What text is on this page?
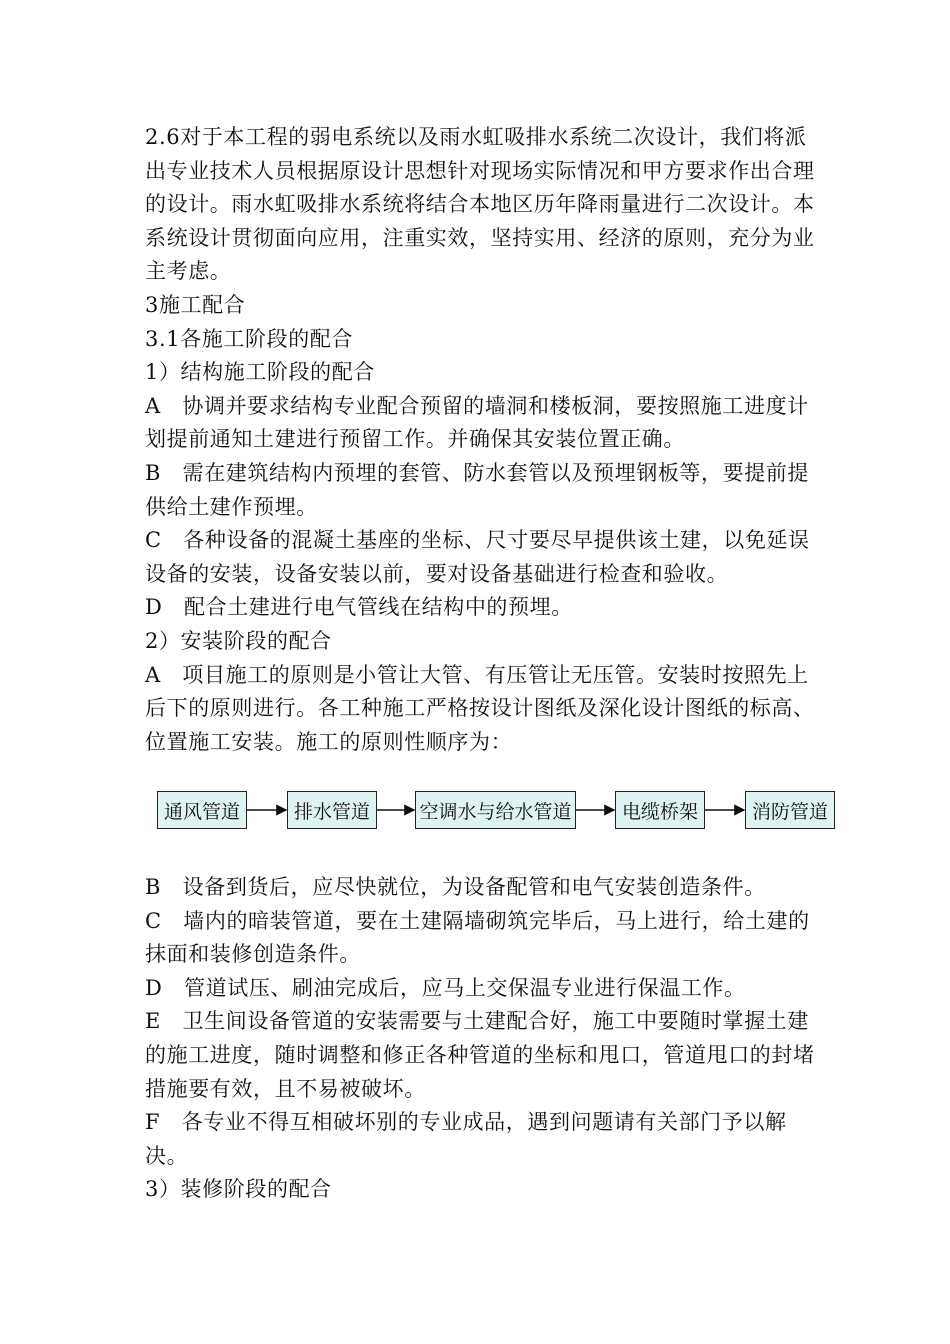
2.6对于本工程的弱电系统以及雨水虹吸排水系统二次设计，我们将派出专业技术人员根据原设计思想针对现场实际情况和甲方要求作出合理的设计。雨水虹吸排水系统将结合本地区历年降雨量进行二次设计。本系统设计贯彻面向应用，注重实效，坚持实用、经济的原则，充分为业主考虑。

3施工配合

3.1各施工阶段的配合

1）结构施工阶段的配合

A　协调并要求结构专业配合预留的墙洞和楼板洞，要按照施工进度计划提前通知土建进行预留工作。并确保其安装位置正确。

B　需在建筑结构内预埋的套管、防水套管以及预埋钢板等，要提前提供给土建作预埋。

C　各种设备的混凝土基座的坐标、尺寸要尽早提供该土建，以免延误设备的安装，设备安装以前，要对设备基础进行检查和验收。

D　配合土建进行电气管线在结构中的预埋。

2）安装阶段的配合

A　项目施工的原则是小管让大管、有压管让无压管。安装时按照先上后下的原则进行。各工种施工严格按设计图纸及深化设计图纸的标高、位置施工安装。施工的原则性顺序为：

通风管道	排水管道	空调水与给水管道	电缆桥架	消防管道

B　设备到货后，应尽快就位，为设备配管和电气安装创造条件。

C　墙内的暗装管道，要在土建隔墙砌筑完毕后，马上进行，给土建的抹面和装修创造条件。

D　管道试压、刷油完成后，应马上交保温专业进行保温工作。

E　卫生间设备管道的安装需要与土建配合好，施工中要随时掌握土建的施工进度，随时调整和修正各种管道的坐标和甩口，管道甩口的封堵措施要有效，且不易被破坏。

F　各专业不得互相破坏别的专业成品，遇到问题请有关部门予以解决。

3）装修阶段的配合
